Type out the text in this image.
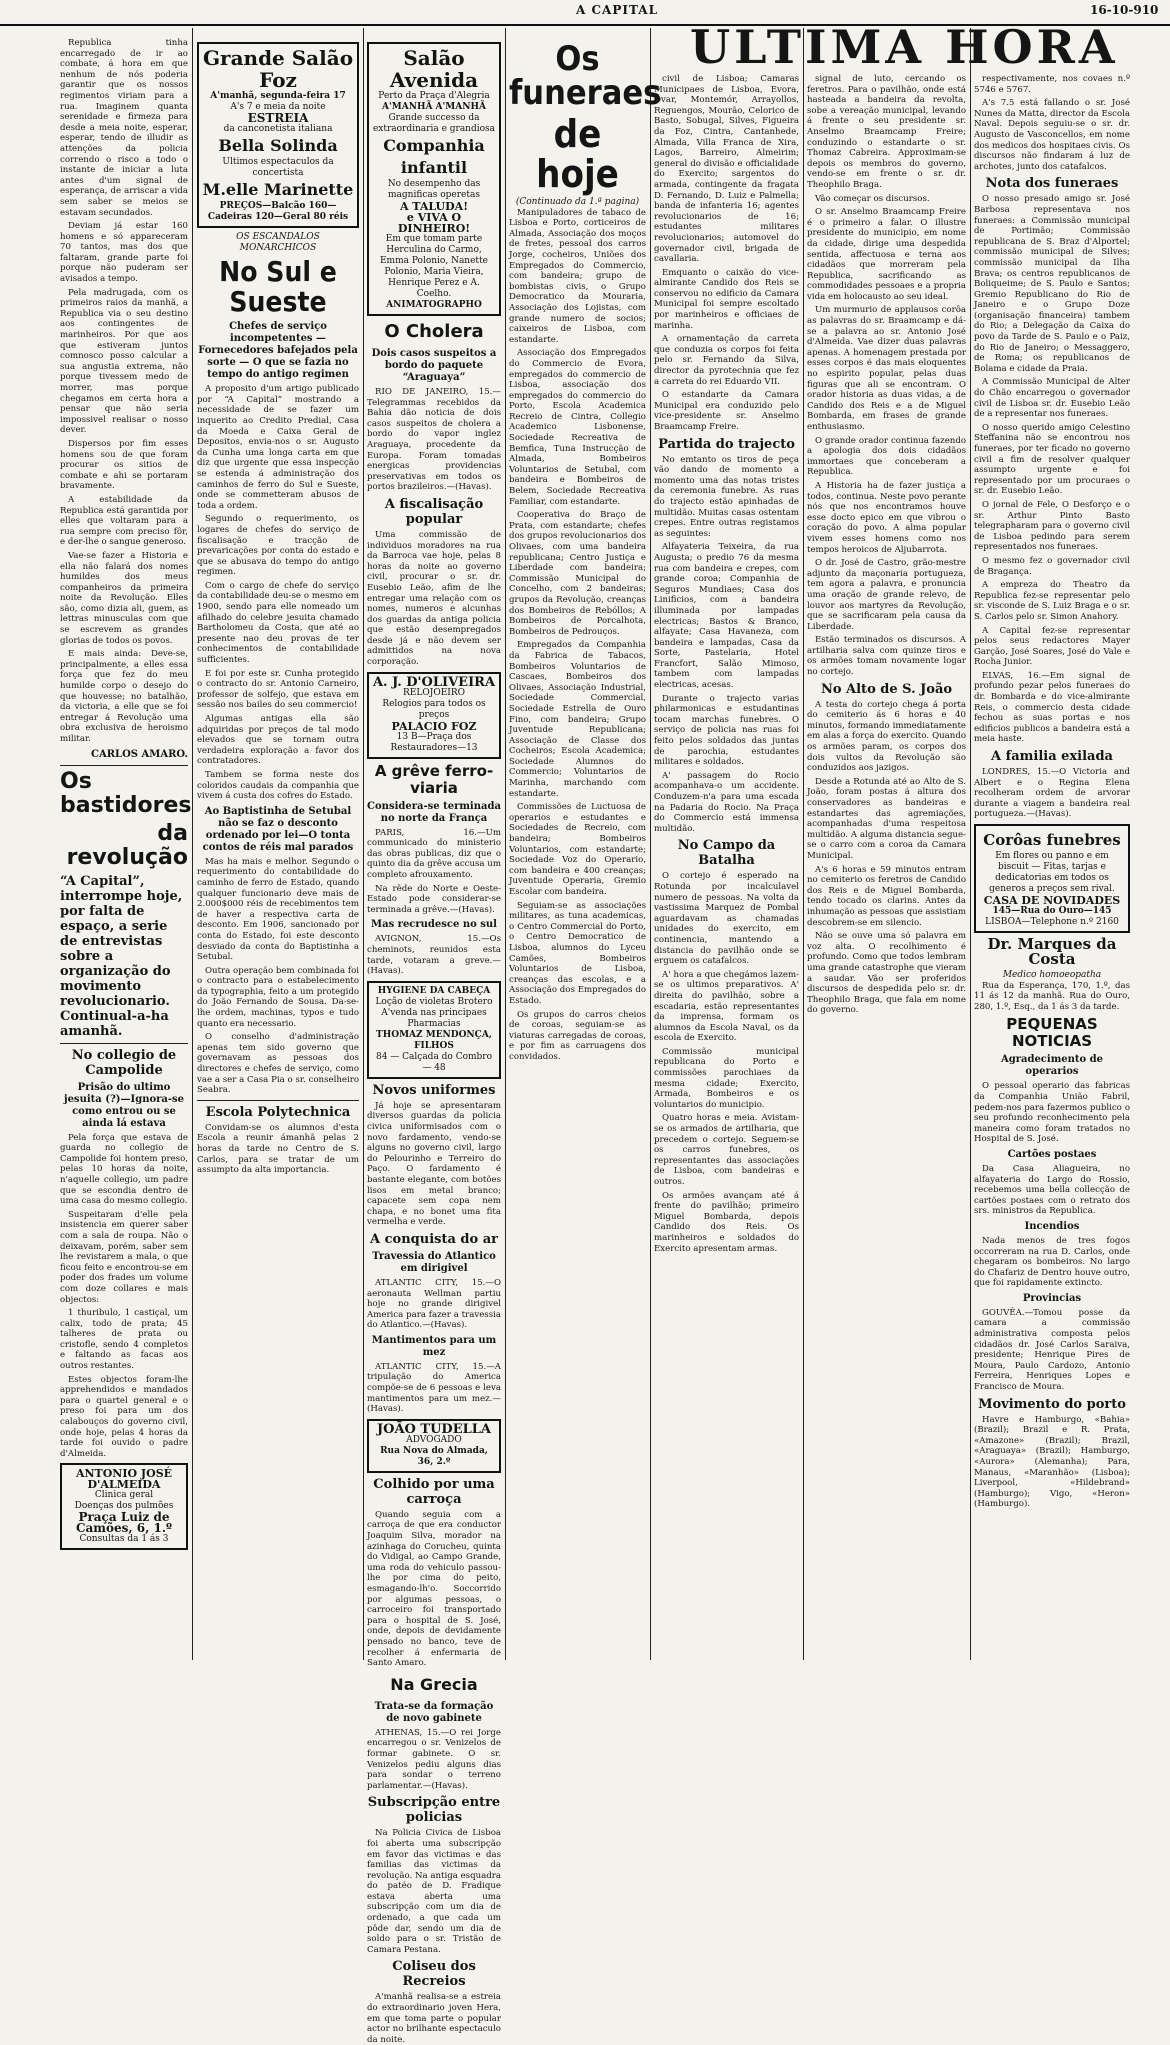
A CAPITAL	16-10-910

Republica tinha encarregado de ir ao combate, á hora em que nenhum de nós poderia garantir que os nossos regimentos viriam para a rua. Imaginem quanta serenidade e firmeza para desde a meia noite, esperar, esperar, tendo de illudir as attenções da policia correndo o risco a todo o instante de iniciar a luta antes d'um signal de esperança, de arriscar a vida sem saber se meios se estavam secundados.

Deviam já estar 160 homens e só appareceram 70 tantos, mas dos que faltaram, grande parte foi porque não puderam ser avisados a tempo.

Pela madrugada, com os primeiros raios da manhã, a Republica via o seu destino aos contingentes de marinheiros. Por que aos que estiveram juntos comnosco posso calcular a sua angustia extrema, não porque tivessem medo de morrer, mas porque chegamos em certa hora a pensar que não seria impossivel realisar o nosso dever.

Dispersos por fim esses homens sou de que foram procurar os sitios de combate e ahi se portaram bravamente.

A estabilidade da Republica está garantida por elles que voltaram para a rua sempre com preciso fôr, e der-lhe o sangue generoso.

Vae-se fazer a Historia e ella não falará dos nomes humildes dos meus companheiros da primeira noite da Revolução. Elles são, como dizia ali, guem, as lettras minusculas com que se escrevem as grandes glorias de todos os povos.

E mais ainda: Deve-se, principalmente, a elles essa força que fez do meu humilde corpo o desejo do que houvesse; no batalhão, da victoria, a elle que se foi entregar á Revolução uma obra exclusiva de heroismo militar.

CARLOS AMARO.
Os bastidores
da revolução
“A Capital”, interrompe hoje, por falta de espaço, a serie de entrevistas sobre a organização do movimento revolucionario. Continual-a-ha amanhã.
No collegio de Campolide
Prisão do ultimo jesuita (?)—Ignora-se como entrou ou se ainda lá estava

Pela força que estava de guarda no collegio de Campolide foi hontem preso, pelas 10 horas da noite, n'aquelle collegio, um padre que se escondia dentro de uma casa do mesmo collegio.

Suspeitaram d'elle pela insistencia em querer saber com a sala de roupa. Não o deixavam, porém, saber sem lhe revistarem a mala, o que ficou feito e encontrou-se em poder dos frades um volume com doze collares e mais objectos:

1 thuribulo, 1 castiçal, um calix, todo de prata; 45 talheres de prata ou cristofle, sendo 4 completos e faltando as facas aos outros restantes.

Estes objectos foram-lhe apprehendidos e mandados para o quartel general e o preso foi para um dos calabouços do governo civil, onde hoje, pelas 4 horas da tarde foi ouvido o padre d'Almeida.

ANTONIO JOSÉ D'ALMEIDA
Clinica geral
Doenças dos pulmões
Praça Luiz de Camões, 6, 1.º
Consultas da 1 ás 3
Grande Salão Foz
A'manhã, segunda-feira 17
A's 7 e meia da noite
ESTREIA
da canconetista italiana
Bella Solinda
Ultimos espectaculos da concertista
M.elle Marinette
PREÇOS—Balcão 160—Cadeiras 120—Geral 80 réis
OS ESCANDALOS MONARCHICOS
No Sul e Sueste
Chefes de serviço incompetentes — Fornecedores bafejados pela sorte — O que se fazia no tempo do antigo regimen

A proposito d'um artigo publicado por “A Capital” mostrando a necessidade de se fazer um inquerito ao Credito Predial, Casa da Moeda e Caixa Geral de Depositos, envia-nos o sr. Augusto da Cunha uma longa carta em que diz que urgente que essa inspecção se estenda á administração dos caminhos de ferro do Sul e Sueste, onde se commetteram abusos de toda a ordem.

Segundo o requerimento, os logares de chefes do serviço de fiscalisação e tracção de prevaricações por conta do estado e que se abusava do tempo do antigo regimen.

Com o cargo de chefe do serviço da contabilidade deu-se o mesmo em 1900, sendo para elle nomeado um afilhado do celebre jesuita chamado Bartholomeu da Costa, que até ao presente nao deu provas de ter conhecimentos de contabilidade sufficientes.

E foi por este sr. Cunha protegido o contracto do sr. Antonio Carneiro, professor de solfejo, que estava em sessão nos bailes do seu commercio!

Algumas antigas ella são adquiridas por preços de tal modo elevados que se tornam outra verdadeira exploração a favor dos contratadores.

Tambem se forma neste dos coloridos caudais da companhia que vivem á custa dos cofres do Estado.

Ao Baptistinha de Setubal não se faz o desconto ordenado por lei—O tonta contos de réis mal parados

Mas ha mais e melhor. Segundo o requerimento do contabilidade do caminho de ferro de Estado, quando qualquer funcionario deve mais de 2.000$000 réis de recebimentos tem de haver a respectiva carta de desconto. Em 1906, sancionado por conta do Estado, foi este desconto desviado da conta do Baptistinha a Setubal.

Outra operação bem combinada foi o contracto para o estabelecimento da typographia, feito a um protegido do João Fernando de Sousa. Da-se-lhe ordem, machinas, typos e tudo quanto era necessario.

O conselho d'administração apenas tem sido governo que governavam as pessoas dos directores e chefes de serviço, como vae a ser a Casa Pia o sr. conselheiro Seabra.

Escola Polytechnica

Convidam-se os alumnos d'esta Escola a reunir ámanhã pelas 2 horas da tarde no Centro de S. Carlos, para se tratar de um assumpto da alta importancia.

Salão Avenida
Perto da Praça d'Alegria
A'MANHÃ A'MANHÃ
Grande successo da extraordinaria e grandiosa
Companhia infantil
No desempenho das magnificas operetas
A TALUDA!
e VIVA O DINHEIRO!
Em que tomam parte Herculina do Carmo, Emma Polonio, Nanette Polonio, Maria Vieira, Henrique Perez e A. Coelho.
ANIMATOGRAPHO
O Cholera
Dois casos suspeitos a bordo do paquete “Araguaya”

RIO DE JANEIRO, 15.—Telegrammas recebidos da Bahia dão noticia de dois casos suspeitos de cholera a bordo do vapor inglez Araguaya, procedente da Europa. Foram tomadas energicas providencias preservativas em todos os portos brazileiros.—(Havas).

A fiscalisação popular

Uma commissão de individuos moradores na rua da Barroca vae hoje, pelas 8 horas da noite ao governo civil, procurar o sr. dr. Eusebio Leão, afim de lhe entregar uma relação com os nomes, numeros e alcunhas dos guardas da antiga policia que estão desempregados desde já e não devem ser admittidos na nova corporação.

A. J. D'OLIVEIRA
RELOJOEIRO
Relogios para todos os preços
PALACIO FOZ
13 B—Praça dos Restauradores—13
A grêve ferro-viaria
Considera-se terminada no norte da França

PARIS, 16.—Um communicado do ministerio das obras publicas, diz que o quinto dia da grêve accusa um completo afrouxamento.

Na rêde do Norte e Oeste-Estado pode considerar-se terminada a grêve.—(Havas).

Mas recrudesce no sul

AVIGNON, 15.—Os cheminots, reunidos esta tarde, votaram a greve.—(Havas).

HYGIENE DA CABEÇA
Loção de violetas Brotero
A'venda nas principaes Pharmacias
THOMAZ MENDONÇA, FILHOS
84 — Calçada do Combro — 48
Novos uniformes

Já hoje se apresentaram diversos guardas da policia civica uniformisados com o novo fardamento, vendo-se alguns no governo civil, largo do Pelourinho e Terreiro do Paço. O fardamento é bastante elegante, com botões lisos em metal branco; capacete sem copa nem chapa, e no bonet uma fita vermelha e verde.

A conquista do ar
Travessia do Atlantico em dirigivel

ATLANTIC CITY, 15.—O aeronauta Wellman partiu hoje no grande dirigivel America para fazer a travessia do Atlantico.—(Havas).

Mantimentos para um mez

ATLANTIC CITY, 15.—A tripulação do America compõe-se de 6 pessoas e leva mantimentos para um mez.—(Havas).

JOÃO TUDELLA
ADVOGADO
Rua Nova do Almada, 36, 2.º
Colhido por uma carroça

Quando seguia com a carroça de que era conductor Joaquim Silva, morador na azinhaga do Corucheu, quinta do Vidigal, ao Campo Grande, uma roda do vehiculo passou-lhe por cima do peito, esmagando-lh'o. Soccorrido por algumas pessoas, o carroceiro foi transportado para o hospital de S. José, onde, depois de devidamente pensado no banco, teve de recolher á enfermaria de Santo Amaro.

Na Grecia
Trata-se da formação de novo gabinete

ATHENAS, 15.—O rei Jorge encarregou o sr. Venizelos de formar gabinete. O sr. Venizelos pediu alguns dias para sondar o terreno parlamentar.—(Havas).

Subscripção entre policias

Na Policia Civica de Lisboa foi aberta uma subscripção em favor das victimas e das familias das victimas da revolução. Na antiga esquadra do patéo de D. Fradique estava aberta uma subscripção com um dia de ordenado, a que cada um pôde dar, sendo um dia de soldo para o sr. Tristão de Camara Pestana.

Coliseu dos Recreios

A'manhã realisa-se a estreia do extraordinario joven Hera, em que toma parte o popular actor no brilhante espectaculo da noite.

Os funeraes
de hoje
(Continuado da 1.ª pagina)

Manipuladores de tabaco de Lisboa e Porto, corticeiros de Almada, Associação dos moços de fretes, pessoal dos carros Jorge, cocheiros, Uniões dos Empregados do Commercio, com bandeira; grupo de bombistas civis, o Grupo Democratico da Mouraria, Associação dos Lojistas, com grande numero de socios; caixeiros de Lisboa, com estandarte.

Associação dos Empregados do Commercio de Evora, empregados do commercio de Lisboa, associação dos empregados do commercio do Porto, Escola Academica Recreio de Cintra, Collegio Academico Lisbonense, Sociedade Recreativa de Bemfica, Tuna Instrucção de Almada, Bombeiros Voluntarios de Setubal, com bandeira e Bombeiros de Belem, Sociedade Recreativa Familiar, com estandarte.

Cooperativa do Braço de Prata, com estandarte; chefes dos grupos revolucionarios dos Olivaes, com uma bandeira republicana; Centro Justiça e Liberdade com bandeira; Commissão Municipal do Concelho, com 2 bandeiras; grupos da Revolução, creanças dos Bombeiros de Rebóllos; A Bombeiros de Porcalhota, Bombeiros de Pedrouços.

Empregados da Companhia da Fabrica de Tabacos, Bombeiros Voluntarios de Cascaes, Bombeiros dos Olivaes, Associação Industrial, Sociedade Commercial, Sociedade Estrella de Ouro Fino, com bandeira; Grupo Juventude Republicana; Associação de Classe dos Cocheiros; Escola Academica; Sociedade Alumnos do Commercio; Voluntarios de Marinha, marchando com estandarte.

Commissões de Luctuosa de operarios e estudantes e Sociedades de Recreio, com bandeira; Bombeiros Voluntarios, com estandarte; Sociedade Voz do Operario, com bandeira e 400 creanças; Juventude Operaria, Gremio Escolar com bandeira.

Seguiam-se as associações militares, as tuna academicas, o Centro Commercial do Porto, o Centro Democratico de Lisboa, alumnos do Lyceu Camões, Bombeiros Voluntarios de Lisboa, creanças das escolas, e a Associação dos Empregados do Estado.

Os grupos do carros cheios de coroas, seguiam-se as viaturas carregadas de coroas, e por fim as carruagens dos convidados.

ULTIMA HORA

civil de Lisboa; Camaras Municipaes de Lisboa, Evora, Ovar, Montemór, Arrayollos, Reguengos, Mourão, Celorico de Basto, Sobugal, Silves, Figueira da Foz, Cintra, Cantanhede, Almada, Villa Franca de Xira, Lagos, Barreiro, Almeirim; general do divisão e officialidade do Exercito; sargentos do armada, contingente da fragata D. Fernando, D. Luiz e Palmella; banda de infanteria 16; agentes revolucionarios de 16; estudantes militares revolucionarios; automovel do governador civil, brigada de cavallaria.

Emquanto o caixão do vice-almirante Candido dos Reis se conservou no edificio da Camara Municipal foi sempre escoltado por marinheiros e officiaes de marinha.

A ornamentação da carreta que conduzia os corpos foi feita pelo sr. Fernando da Silva, director da pyrotechnia que fez a carreta do rei Eduardo VII.

O estandarte da Camara Municipal era conduzido pelo vice-presidente sr. Anselmo Braamcamp Freire.

Partida do trajecto

No emtanto os tiros de peça vão dando de momento a momento uma das notas tristes da ceremonia funebre. As ruas do trajecto estão apinhadas de multidão. Muitas casas ostentam crepes. Entre outras registamos as seguintes:

Alfayateria Teixeira, da rua Augusta; o predio 76 da mesma rua com bandeira e crepes, com grande coroa; Companhia de Seguros Mundiaes; Casa dos Linificios, com a bandeira illuminada por lampadas electricas; Bastos & Branco, alfayate; Casa Havaneza, com bandeira e lampadas, Casa da Sorte, Pastelaria, Hotel Francfort, Salão Mimoso, tambem com lampadas electricas, acesas.

Durante o trajecto varias philarmonicas e estudantinas tocam marchas funebres. O serviço de policia nas ruas foi feito pelos soldados das juntas de parochia, estudantes militares e soldados.

A' passagem do Rocio acompanhava-o um accidente. Conduzem-n'a para uma escada na Padaria do Rocio. Na Praça do Commercio está immensa multidão.

No Campo da Batalha

O cortejo é esperado na Rotunda por incalculavel numero de pessoas. Na volta da vastissima Marquez de Pombal aguardavam as chamadas unidades do exercito, em continencia, mantendo a distancia do pavilhão onde se erguem os catafalcos.

A' hora a que chegámos lazem-se os ultimos preparativos. A' direita do pavilhão, sobre a escadaria, estão representantes da imprensa, formam os alumnos da Escola Naval, os da escola de Exercito.

Commissão municipal republicana do Porto e commissões parochiaes da mesma cidade; Exercito, Armada, Bombeiros e os voluntarios do municipio.

Quatro horas e meia. Avistam-se os armados de artilharia, que precedem o cortejo. Seguem-se os carros funebres, os representantes das associações de Lisboa, com bandeiras e outros.

Os armões avançam até á frente do pavilhão; primeiro Miguel Bombarda, depois Candido dos Reis. Os marinheiros e soldados do Exercito apresentam armas.

signal de luto, cercando os feretros. Para o pavilhão, onde está hasteada a bandeira da revolta, sobe a vereação municipal, levando á frente o seu presidente sr. Anselmo Braamcamp Freire; conduzindo o estandarte o sr. Thomaz Cabreira. Approximam-se depois os membros do governo, vendo-se em frente o sr. dr. Theophilo Braga.

Vão começar os discursos.

O sr. Anselmo Braamcamp Freire é o primeiro a falar. O illustre presidente do municipio, em nome da cidade, dirige uma despedida sentida, affectuosa e terna aos cidadãos que morreram pela Republica, sacrificando as commodidades pessoaes e a propria vida em holocausto ao seu ideal.

Um murmurio de applausos corôa as palavras do sr. Braamcamp e dá-se a palavra ao sr. Antonio José d'Almeida. Vae dizer duas palavras apenas. A homenagem prestada por esses corpos é das mais eloquentes no espirito popular, pelas duas figuras que ali se encontram. O orador historia as duas vidas, a de Candido dos Reis e a de Miguel Bombarda, em frases de grande enthusiasmo.

O grande orador continua fazendo a apologia dos dois cidadãos immortaes que conceberam a Republica.

A Historia ha de fazer justiça a todos, continua. Neste povo perante nós que nos encontramos houve esse docto epico em que vibrou o coração do povo. A alma popular vivem esses homens como nos tempos heroicos de Aljubarrota.

O dr. José de Castro, grão-mestre adjunto da maçonaria portugueza, tem agora a palavra, e pronuncia uma oração de grande relevo, de louvor aos martyres da Revolução, que se sacrificaram pela causa da Liberdade.

Estão terminados os discursos. A artilharia salva com quinze tiros e os armões tomam novamente logar no cortejo.

No Alto de S. João

A testa do cortejo chega á porta do cemiterio ás 6 horas e 40 minutos, formando immediatamente em alas a força do exercito. Quando os armões param, os corpos dos dois vultos da Revolução são conduzidos aos jazigos.

Desde a Rotunda até ao Alto de S. João, foram postas á altura dos conservadores as bandeiras e estandartes das agremiações, acompanhadas d'uma respeitosa multidão. A alguma distancia segue-se o carro com a coroa da Camara Municipal.

A's 6 horas e 59 minutos entram no cemiterio os feretros de Candido dos Reis e de Miguel Bombarda, tendo tocado os clarins. Antes da inhumação as pessoas que assistiam descobrem-se em silencio.

Não se ouve uma só palavra em voz alta. O recolhimento é profundo. Como que todos lembram uma grande catastrophe que vieram a saudar. Vão ser proferidos discursos de despedida pelo sr. dr. Theophilo Braga, que fala em nome do governo.

respectivamente, nos covaes n.º 5746 e 5767.

A's 7.5 está fallando o sr. José Nunes da Matta, director da Escola Naval. Depois seguiu-se o sr. dr. Augusto de Vasconcellos, em nome dos medicos dos hospitaes civis. Os discursos não findaram á luz de archotes, junto dos catafalcos.

Nota dos funeraes

O nosso presado amigo sr. José Barbosa representava nos funeraes: a Commissão municipal de Portimão; Commissão republicana de S. Braz d'Alportel; commissão municipal de Silves; commissão municipal da Ilha Brava; os centros republicanos de Boliqueime; de S. Paulo e Santos; Gremio Republicano do Rio de Janeiro e o Grupo Doze (organisação financeira) tambem do Rio; a Delegação da Caixa do povo da Tarde de S. Paulo e o Paiz, do Rio de Janeiro; o Messaggero, de Roma; os republicanos de Bolama e cidade da Praia.

A Commissão Municipal de Alter do Chão encarregou o governador civil de Lisboa sr. dr. Eusebio Leão de a representar nos funeraes.

O nosso querido amigo Celestino Steffanina não se encontrou nos funeraes, por ter ficado no governo civil a fim de resolver qualquer assumpto urgente e foi representado por um procuraes o sr. dr. Eusebio Leão.

O jornal de Fele, O Desforço e o sr. Arthur Pinto Basto telegrapharam para o governo civil de Lisboa pedindo para serem representados nos funeraes.

O mesmo fez o governador civil de Bragança.

A empreza do Theatro da Republica fez-se representar pelo sr. visconde de S. Luiz Braga e o sr. S. Carlos pelo sr. Simon Anahory.

A Capital fez-se representar pelos seus redactores Mayer Garção, José Soares, José do Vale e Rocha Junior.

ELVAS, 16.—Em signal de profundo pezar pelos funeraes do dr. Bombarda e do vice-almirante Reis, o commercio desta cidade fechou as suas portas e nos edificios publicos a bandeira está a meia haste.

A familia exilada

LONDRES, 15.—O Victoria and Albert e o Regina Elena recolheram ordem de arvorar durante a viagem a bandeira real portugueza.—(Havas).

Corôas funebres
Em flores ou panno e em biscuit — Fitas, tarjas e dedicatorias em todos os generos a preços sem rival.
CASA DE NOVIDADES
145—Rua do Ouro—145
LISBOA—Telephone n.º 2160
Dr. Marques da Costa
Medico homoeopatha

Rua da Esperança, 170, 1.º, das 11 ás 12 da manhã. Rua do Ouro, 280, 1.º, Esq., da 1 ás 3 da tarde.

PEQUENAS NOTICIAS
Agradecimento de operarios

O pessoal operario das fabricas da Companhia União Fabril, pedem-nos para fazermos publico o seu profundo reconhecimento pela maneira como foram tratados no Hospital de S. José.

Cartões postaes

Da Casa Aliagueira, no alfayateria do Largo do Rossio, recebemos uma bella collecção de cartões postaes com o retrato dos srs. ministros da Republica.

Incendios

Nada menos de tres fogos occorreram na rua D. Carlos, onde chegaram os bombeiros. No largo do Chafariz de Dentro houve outro, que foi rapidamente extincto.

Provincias

GOUVÊA.—Tomou posse da camara a commissão administrativa composta pelos cidadãos dr. José Carlos Saraiva, presidente; Henrique Pires de Moura, Paulo Cardozo, Antonio Ferreira, Henriques Lopes e Francisco de Moura.

Movimento do porto

Havre e Hamburgo, «Bahia» (Brazil); Brazil e R. Prata, «Amazone» (Brazil); Brazil, «Araguaya» (Brazil); Hamburgo, «Aurora» (Alemanha); Para, Manaus, «Maranhão» (Lisboa); Liverpool, «Hildebrand» (Hamburgo); Vigo, «Heron» (Hamburgo).
